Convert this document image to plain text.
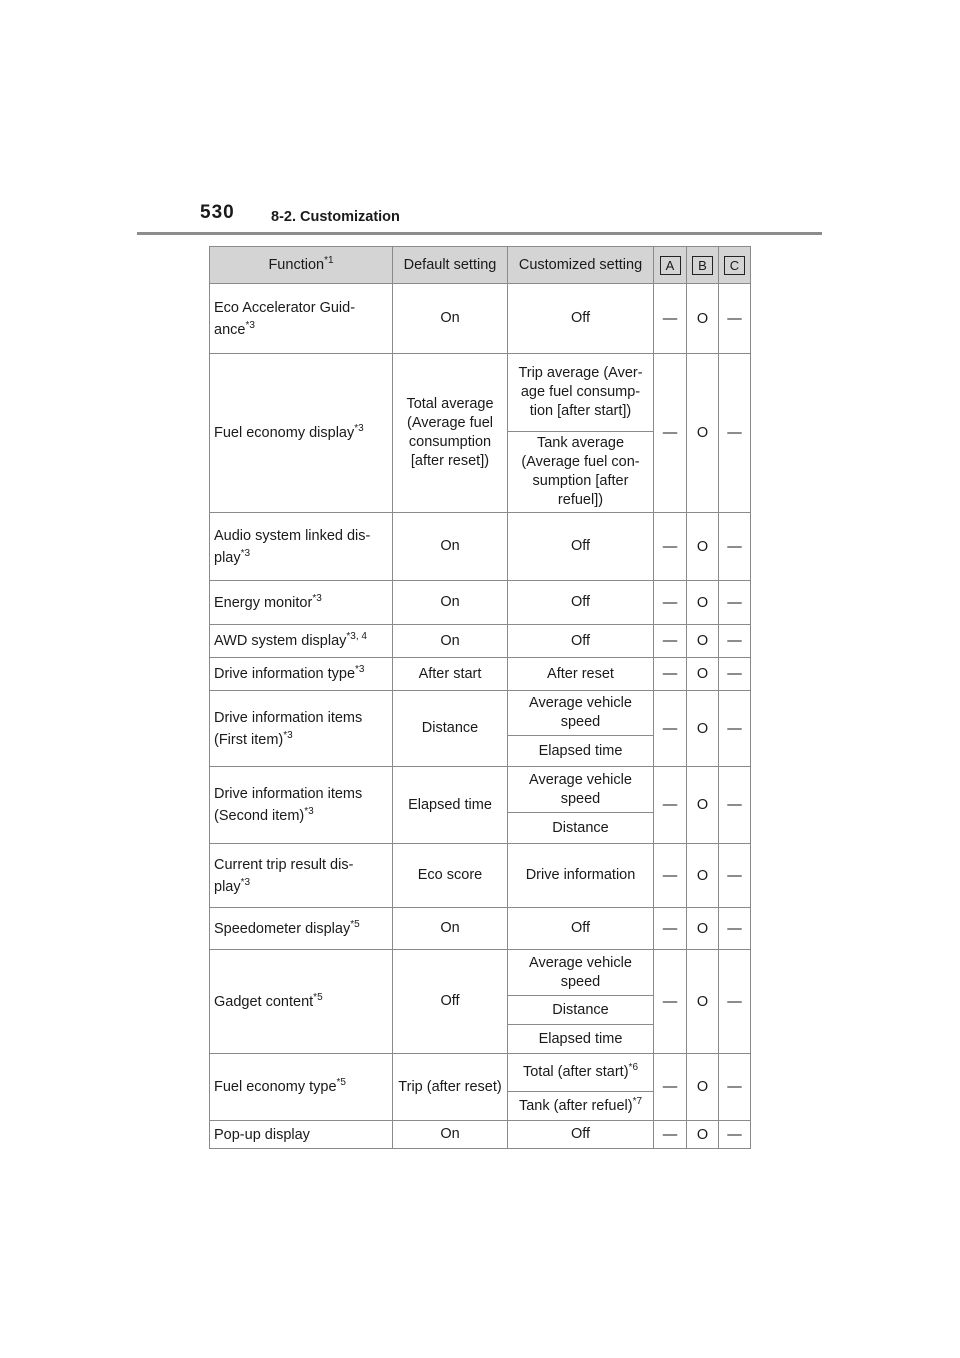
530	8-2. Customization
Function$^{*1}$	Default setting	Customized setting	A	B	C
Eco Accelerator Guid-ance$^{*3}$	On	Off	—	O	—
Fuel economy display$^{*3}$	Total average (Average fuel consumption [after reset])	Trip average (Aver-age fuel consump-tion [after start])	—	O	—
		Tank average (Average fuel con-sumption [after refuel])			
Audio system linked dis-play$^{*3}$	On	Off	—	O	—
Energy monitor$^{*3}$	On	Off	—	O	—
AWD system display$^{*3, 4}$	On	Off	—	O	—
Drive information type$^{*3}$	After start	After reset	—	O	—
Drive information items (First item)$^{*3}$	Distance	Average vehicle speed	—	O	—
		Elapsed time			
Drive information items (Second item)$^{*3}$	Elapsed time	Average vehicle speed	—	O	—
		Distance			
Current trip result dis-play$^{*3}$	Eco score	Drive information	—	O	—
Speedometer display$^{*5}$	On	Off	—	O	—
Gadget content$^{*5}$	Off	Average vehicle speed	—	O	—
		Distance			
		Elapsed time			
Fuel economy type$^{*5}$	Trip (after reset)	Total (after start)$^{*6}$	—	O	—
		Tank (after refuel)$^{*7}$
Pop-up display	On	Off	—	O	—
